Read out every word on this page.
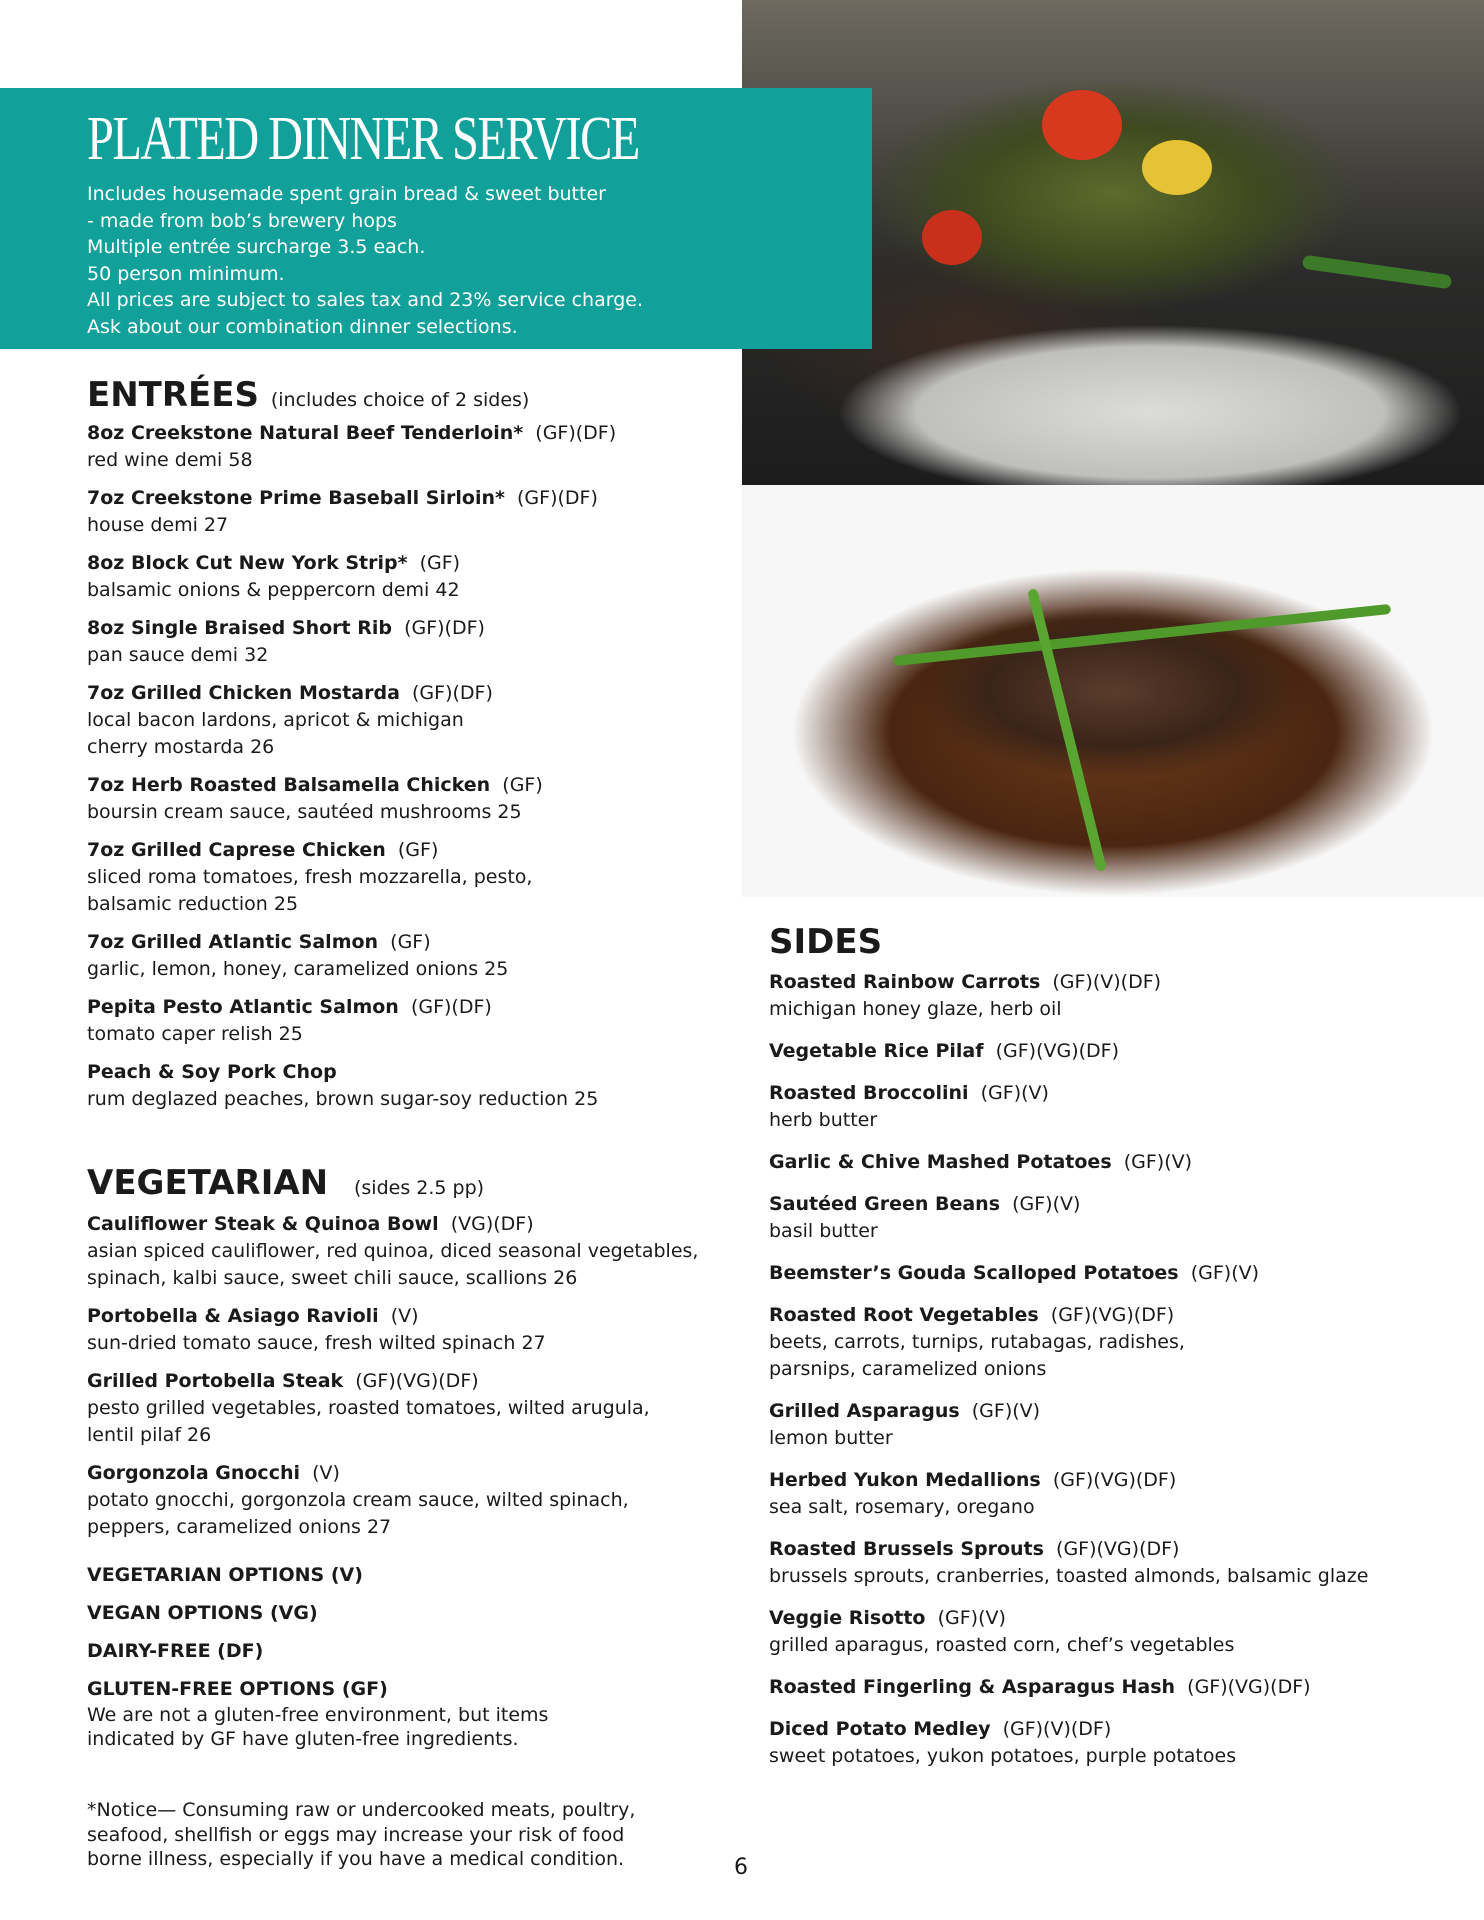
PLATED DINNER SERVICE
Includes housemade spent grain bread & sweet butter
- made from bob’s brewery hops
Multiple entrée surcharge 3.5 each.
50 person minimum.
All prices are subject to sales tax and 23% service charge.
Ask about our combination dinner selections.
ENTRÉES (includes choice of 2 sides)
8oz Creekstone Natural Beef Tenderloin* (GF)(DF)
red wine demi 58
7oz Creekstone Prime Baseball Sirloin* (GF)(DF)
house demi 27
8oz Block Cut New York Strip* (GF)
balsamic onions & peppercorn demi 42
8oz Single Braised Short Rib (GF)(DF)
pan sauce demi 32
7oz Grilled Chicken Mostarda (GF)(DF)
local bacon lardons, apricot & michigan
cherry mostarda 26
7oz Herb Roasted Balsamella Chicken (GF)
boursin cream sauce, sautéed mushrooms 25
7oz Grilled Caprese Chicken (GF)
sliced roma tomatoes, fresh mozzarella, pesto,
balsamic reduction 25
7oz Grilled Atlantic Salmon (GF)
garlic, lemon, honey, caramelized onions 25
Pepita Pesto Atlantic Salmon (GF)(DF)
tomato caper relish 25
Peach & Soy Pork Chop
rum deglazed peaches, brown sugar-soy reduction 25
VEGETARIAN (sides 2.5 pp)
Cauliflower Steak & Quinoa Bowl (VG)(DF)
asian spiced cauliflower, red quinoa, diced seasonal vegetables,
spinach, kalbi sauce, sweet chili sauce, scallions 26
Portobella & Asiago Ravioli (V)
sun-dried tomato sauce, fresh wilted spinach 27
Grilled Portobella Steak (GF)(VG)(DF)
pesto grilled vegetables, roasted tomatoes, wilted arugula,
lentil pilaf 26
Gorgonzola Gnocchi (V)
potato gnocchi, gorgonzola cream sauce, wilted spinach,
peppers, caramelized onions 27
VEGETARIAN OPTIONS (V)
VEGAN OPTIONS (VG)
DAIRY-FREE (DF)
GLUTEN-FREE OPTIONS (GF)
We are not a gluten-free environment, but items
indicated by GF have gluten-free ingredients.
*Notice— Consuming raw or undercooked meats, poultry,
seafood, shellfish or eggs may increase your risk of food
borne illness, especially if you have a medical condition.	6
SIDES
Roasted Rainbow Carrots (GF)(V)(DF)
michigan honey glaze, herb oil
Vegetable Rice Pilaf (GF)(VG)(DF)
Roasted Broccolini (GF)(V)
herb butter
Garlic & Chive Mashed Potatoes (GF)(V)
Sautéed Green Beans (GF)(V)
basil butter
Beemster’s Gouda Scalloped Potatoes (GF)(V)
Roasted Root Vegetables (GF)(VG)(DF)
beets, carrots, turnips, rutabagas, radishes,
parsnips, caramelized onions
Grilled Asparagus (GF)(V)
lemon butter
Herbed Yukon Medallions (GF)(VG)(DF)
sea salt, rosemary, oregano
Roasted Brussels Sprouts (GF)(VG)(DF)
brussels sprouts, cranberries, toasted almonds, balsamic glaze
Veggie Risotto (GF)(V)
grilled aparagus, roasted corn, chef’s vegetables
Roasted Fingerling & Asparagus Hash (GF)(VG)(DF)
Diced Potato Medley (GF)(V)(DF)
sweet potatoes, yukon potatoes, purple potatoes
